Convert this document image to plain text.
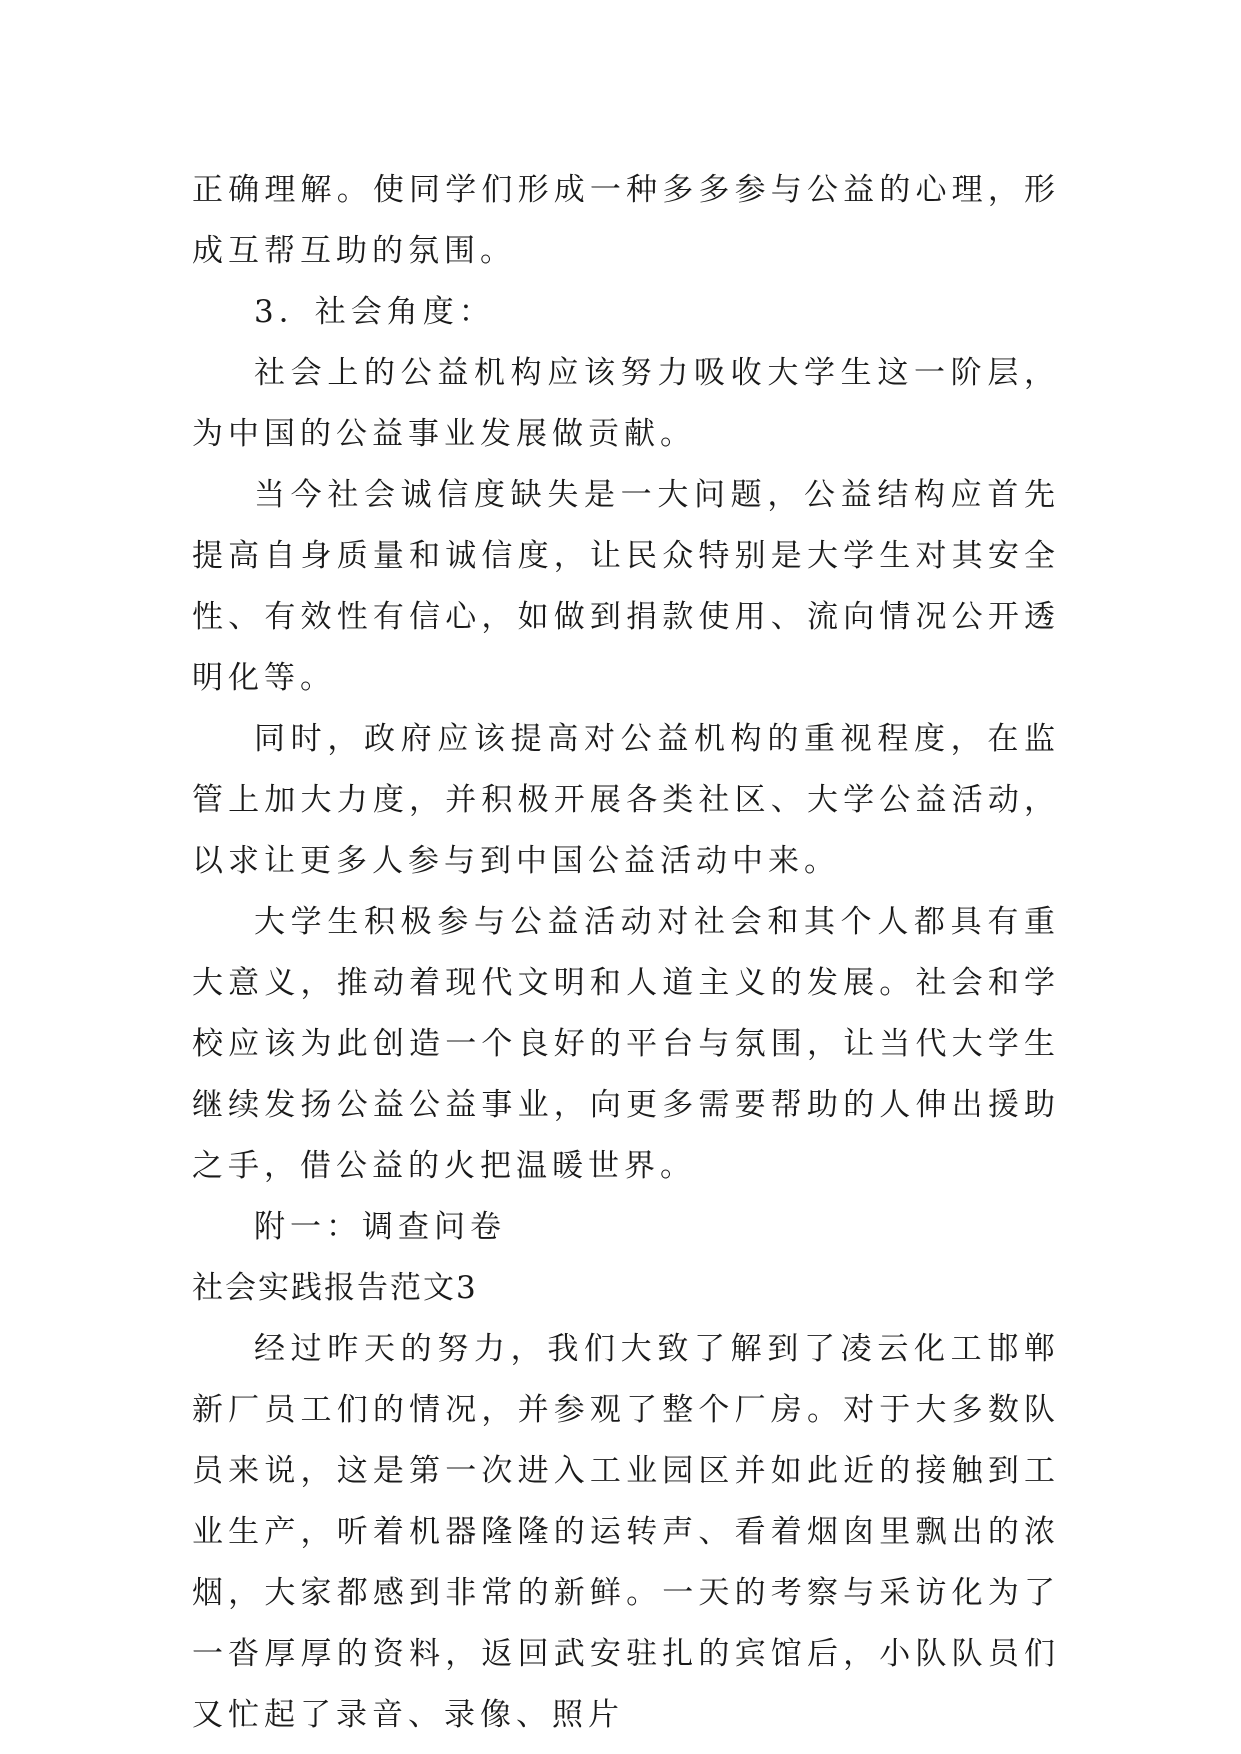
正确理解。使同学们形成一种多多参与公益的心理，形成互帮互助的氛围。

3．社会角度：

社会上的公益机构应该努力吸收大学生这一阶层，为中国的公益事业发展做贡献。

当今社会诚信度缺失是一大问题，公益结构应首先提高自身质量和诚信度，让民众特别是大学生对其安全性、有效性有信心，如做到捐款使用、流向情况公开透明化等。

同时，政府应该提高对公益机构的重视程度，在监管上加大力度，并积极开展各类社区、大学公益活动，以求让更多人参与到中国公益活动中来。

大学生积极参与公益活动对社会和其个人都具有重大意义，推动着现代文明和人道主义的发展。社会和学校应该为此创造一个良好的平台与氛围，让当代大学生继续发扬公益公益事业，向更多需要帮助的人伸出援助之手，借公益的火把温暖世界。

附一：调查问卷

社会实践报告范文3

经过昨天的努力，我们大致了解到了凌云化工邯郸新厂员工们的情况，并参观了整个厂房。对于大多数队员来说，这是第一次进入工业园区并如此近的接触到工业生产，听着机器隆隆的运转声、看着烟囱里飘出的浓烟，大家都感到非常的新鲜。一天的考察与采访化为了一沓厚厚的资料，返回武安驻扎的宾馆后，小队队员们又忙起了录音、录像、照片
